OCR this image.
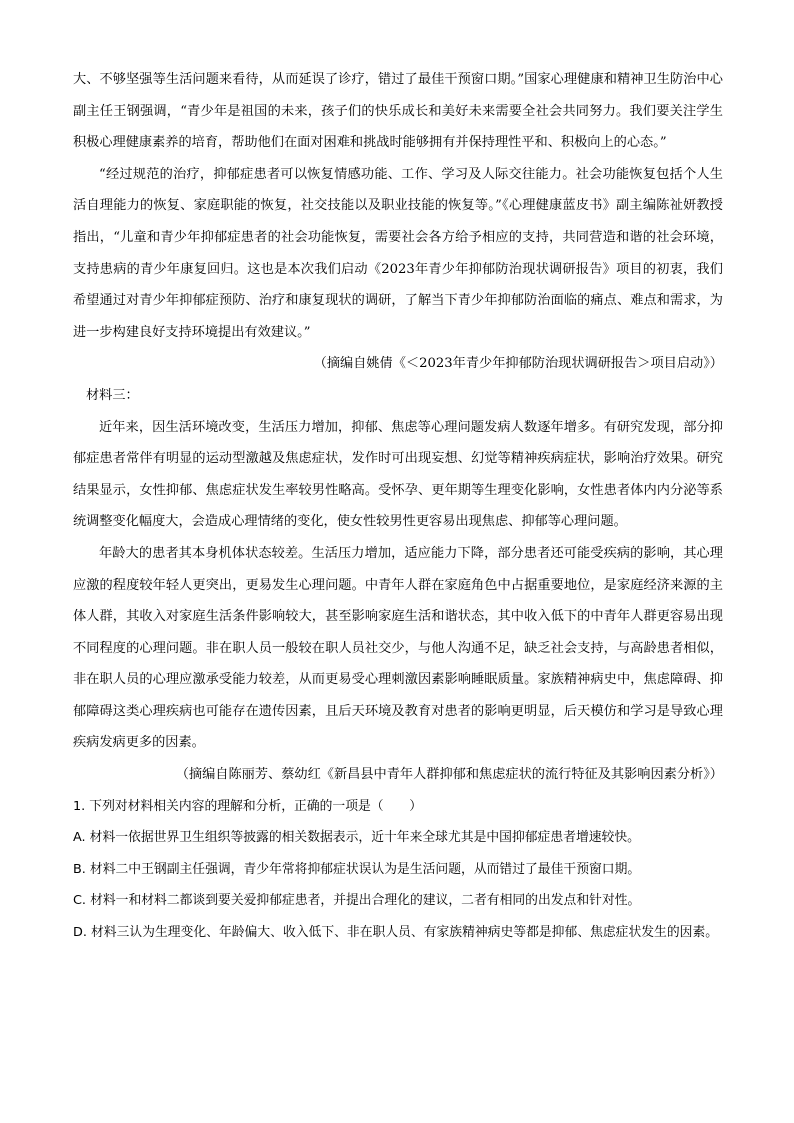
大、不够坚强等生活问题来看待，从而延误了诊疗，错过了最佳干预窗口期。”国家心理健康和精神卫生防治中心副主任王钢强调，“青少年是祖国的未来，孩子们的快乐成长和美好未来需要全社会共同努力。我们要关注学生积极心理健康素养的培育，帮助他们在面对困难和挑战时能够拥有并保持理性平和、积极向上的心态。”

“经过规范的治疗，抑郁症患者可以恢复情感功能、工作、学习及人际交往能力。社会功能恢复包括个人生活自理能力的恢复、家庭职能的恢复，社交技能以及职业技能的恢复等。”《心理健康蓝皮书》副主编陈祉妍教授指出，“儿童和青少年抑郁症患者的社会功能恢复，需要社会各方给予相应的支持，共同营造和谐的社会环境，支持患病的青少年康复回归。这也是本次我们启动《2023年青少年抑郁防治现状调研报告》项目的初衷，我们希望通过对青少年抑郁症预防、治疗和康复现状的调研，了解当下青少年抑郁防治面临的痛点、难点和需求，为进一步构建良好支持环境提出有效建议。”

（摘编自姚倩《＜2023年青少年抑郁防治现状调研报告＞项目启动》）

材料三：

近年来，因生活环境改变，生活压力增加，抑郁、焦虑等心理问题发病人数逐年增多。有研究发现，部分抑郁症患者常伴有明显的运动型激越及焦虑症状，发作时可出现妄想、幻觉等精神疾病症状，影响治疗效果。研究结果显示，女性抑郁、焦虑症状发生率较男性略高。受怀孕、更年期等生理变化影响，女性患者体内内分泌等系统调整变化幅度大，会造成心理情绪的变化，使女性较男性更容易出现焦虑、抑郁等心理问题。

年龄大的患者其本身机体状态较差。生活压力增加，适应能力下降，部分患者还可能受疾病的影响，其心理应激的程度较年轻人更突出，更易发生心理问题。中青年人群在家庭角色中占据重要地位，是家庭经济来源的主体人群，其收入对家庭生活条件影响较大，甚至影响家庭生活和谐状态，其中收入低下的中青年人群更容易出现不同程度的心理问题。非在职人员一般较在职人员社交少，与他人沟通不足，缺乏社会支持，与高龄患者相似，非在职人员的心理应激承受能力较差，从而更易受心理刺激因素影响睡眠质量。家族精神病史中，焦虑障碍、抑郁障碍这类心理疾病也可能存在遗传因素，且后天环境及教育对患者的影响更明显，后天模仿和学习是导致心理疾病发病更多的因素。

（摘编自陈丽芳、蔡幼红《新昌县中青年人群抑郁和焦虑症状的流行特征及其影响因素分析》）

1. 下列对材料相关内容的理解和分析，正确的一项是（　　）

A. 材料一依据世界卫生组织等披露的相关数据表示，近十年来全球尤其是中国抑郁症患者增速较快。

B. 材料二中王钢副主任强调，青少年常将抑郁症状误认为是生活问题，从而错过了最佳干预窗口期。

C. 材料一和材料二都谈到要关爱抑郁症患者，并提出合理化的建议，二者有相同的出发点和针对性。

D. 材料三认为生理变化、年龄偏大、收入低下、非在职人员、有家族精神病史等都是抑郁、焦虑症状发生的因素。
